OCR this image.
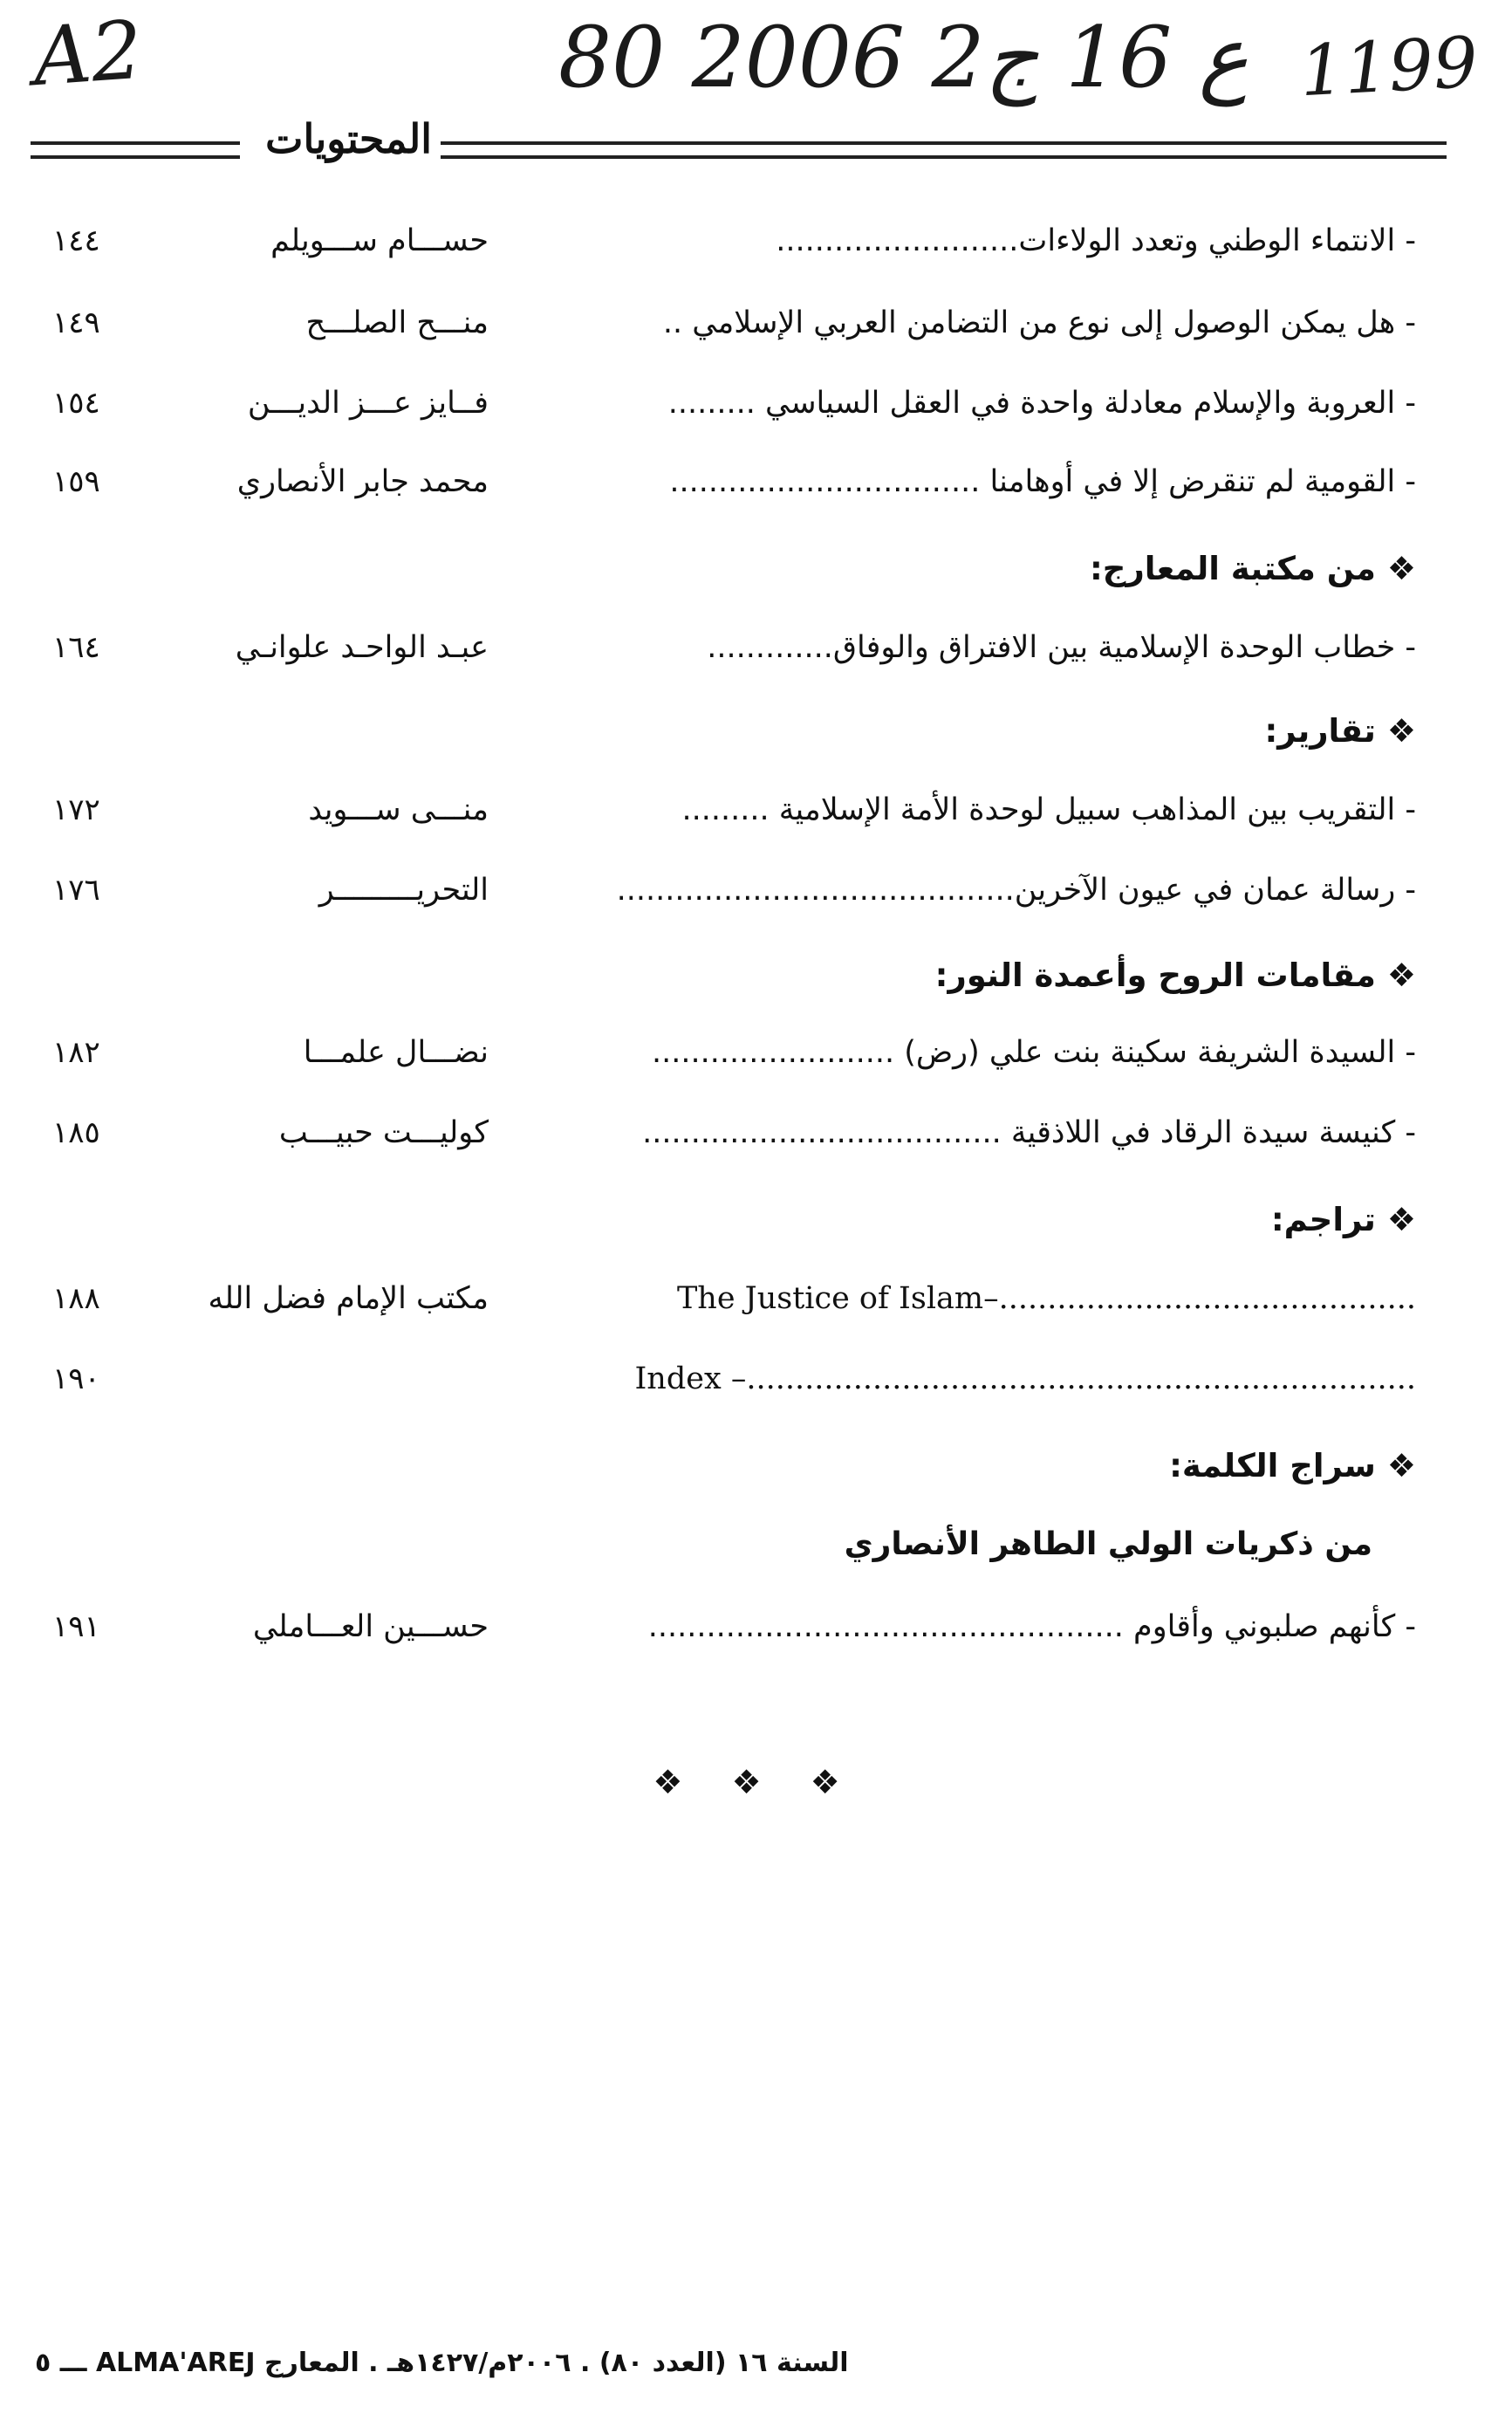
A2	80 ع 16 ج2 2006 1199
المحتويات
- الانتماء الوطني وتعدد الولاءات.........................
حســـام ســـويلم
١٤٤
- هل يمكن الوصول إلى نوع من التضامن العربي الإسلامي ..
منـــح الصلـــح
١٤٩
- العروبة والإسلام معادلة واحدة في العقل السياسي .........
فــايز عـــز الديـــن
١٥٤
- القومية لم تنقرض إلا في أوهامنا ................................
محمد جابر الأنصاري
١٥٩
❖ من مكتبة المعارج:
- خطاب الوحدة الإسلامية بين الافتراق والوفاق.............
عبـد الواحـد علوانـي
١٦٤
❖ تقارير:
- التقريب بين المذاهب سبيل لوحدة الأمة الإسلامية .........
منـــى ســـويد
١٧٢
- رسالة عمان في عيون الآخرين.........................................
التحريـــــــــر
١٧٦
❖ مقامات الروح وأعمدة النور:
- السيدة الشريفة سكينة بنت علي (رض) .........................
نضـــال علمـــا
١٨٢
- كنيسة سيدة الرقاد في اللاذقية .....................................
كوليـــت حبيـــب
١٨٥
❖ تراجم:
The Justice of Islam–...........................................
مكتب الإمام فضل الله
١٨٨
Index –.....................................................................
١٩٠
❖ سراج الكلمة:
من ذكريات الولي الطاهر الأنصاري
- كأنهم صلبوني وأقاوم .................................................
حســـين العـــاملي
١٩١
❖ ❖ ❖
السنة ١٦ (العدد ٨٠) . ٢٠٠٦م/١٤٢٧هـ . المعارج ALMA'AREJ ـــ ٥
